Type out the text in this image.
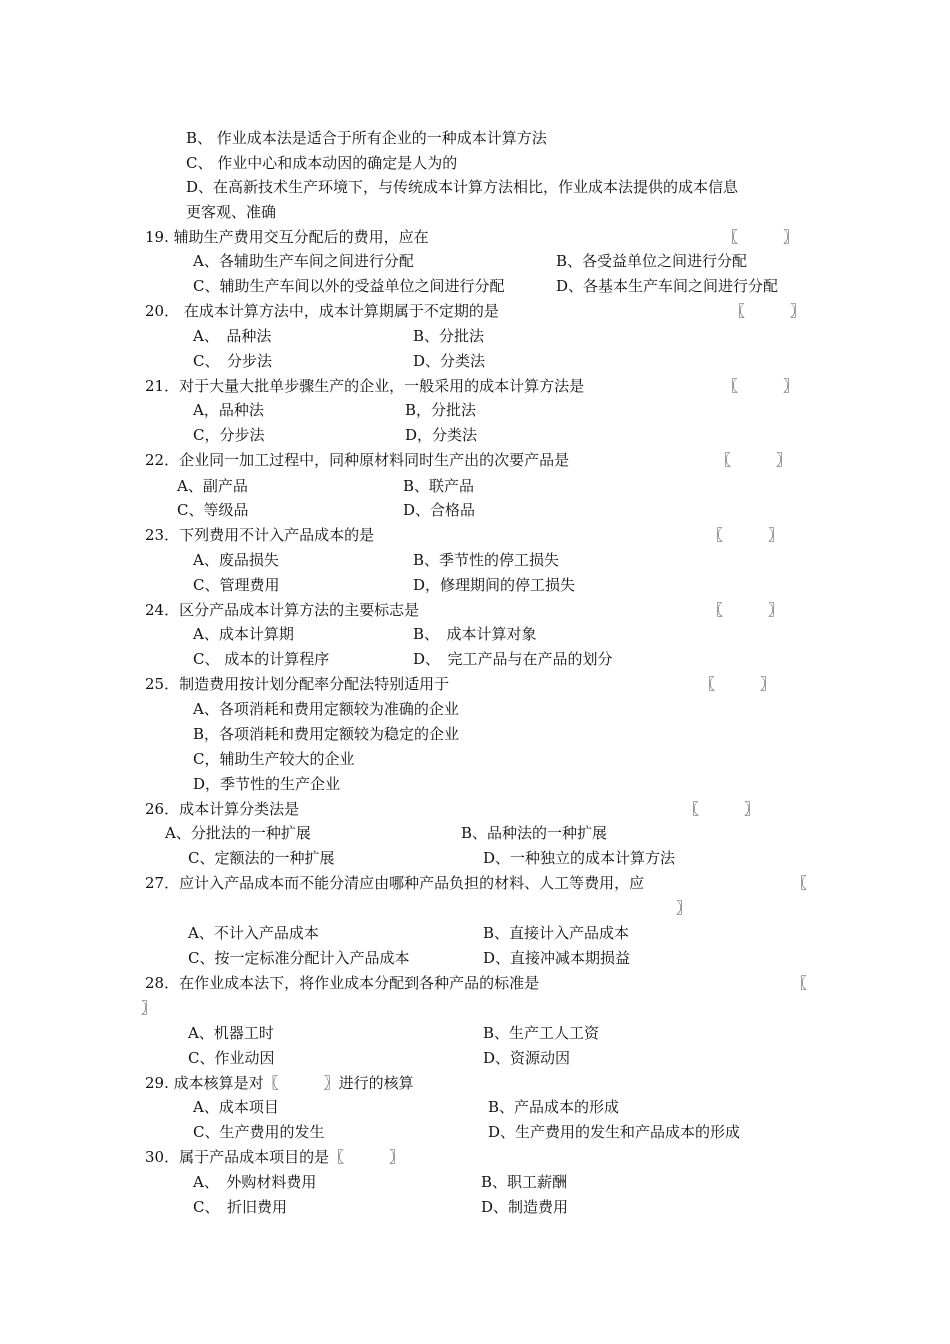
B、 作业成本法是适合于所有企业的一种成本计算方法
C、 作业中心和成本动因的确定是人为的
D、在高新技术生产环境下，与传统成本计算方法相比，作业成本法提供的成本信息
更客观、准确
19. 辅助生产费用交互分配后的费用，应在	〖　　　〗
A、各辅助生产车间之间进行分配	B、各受益单位之间进行分配
C、辅助生产车间以外的受益单位之间进行分配	D、各基本生产车间之间进行分配
20． 在成本计算方法中，成本计算期属于不定期的是	〖　　　〗
A、　品种法	B、分批法
C、　分步法	D、分类法
21．对于大量大批单步骤生产的企业，一般采用的成本计算方法是	〖　　　〗
A，品种法	B，分批法
C，分步法	D，分类法
22．企业同一加工过程中，同种原材料同时生产出的次要产品是	〖　　　〗
A、副产品	B、联产品
C、等级品	D、合格品
23．下列费用不计入产品成本的是	〖　　　〗
A、废品损失	B、季节性的停工损失
C、管理费用	D，修理期间的停工损失
24．区分产品成本计算方法的主要标志是	〖　　　〗
A、成本计算期	B、　成本计算对象
C、 成本的计算程序	D、　完工产品与在产品的划分
25．制造费用按计划分配率分配法特别适用于	〖　　　〗
A、各项消耗和费用定额较为准确的企业
B，各项消耗和费用定额较为稳定的企业
C，辅助生产较大的企业
D，季节性的生产企业
26．成本计算分类法是	〖　　　〗
A、分批法的一种扩展	B、品种法的一种扩展
C、定额法的一种扩展	D、一种独立的成本计算方法
27．应计入产品成本而不能分清应由哪种产品负担的材料、人工等费用，应	〖
〗
A、不计入产品成本	B、直接计入产品成本
C、按一定标准分配计入产品成本	D、直接冲减本期损益
28．在作业成本法下，将作业成本分配到各种产品的标准是	〖
〗
A、机器工时	B、生产工人工资
C、作业动因	D、资源动因
29. 成本核算是对〖　　　〗进行的核算
A、成本项目	B、产品成本的形成
C、生产费用的发生	D、生产费用的发生和产品成本的形成
30．属于产品成本项目的是〖　　　〗
A、　外购材料费用	B、职工薪酬
C、　折旧费用	D、制造费用
